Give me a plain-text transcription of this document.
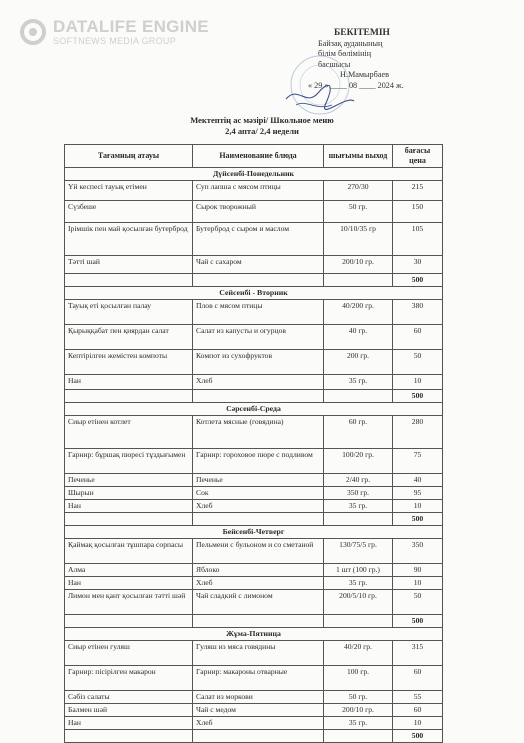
DATALIFE ENGINE
SOFTNEWS MEDIA GROUP
БЕКІТЕМІН
Байзақ ауданының
білім бөлімінің
басшысы
Н.Мамырбаев
« 29 » ____ 08 ____ 2024 ж.
Мектептің ас мәзірі/ Школьное меню
2,4 апта/ 2,4 недели
Тағамның атауы	Наименование блюда	шығымы выход	бағасы цена
Дүйсенбі-Понедельник			
Үй кеспесі тауық етімен	Суп лапша с мясом птицы	270/30	215
Сүзбеше	Сырок творожный	50 гр.	150
Ірімшік пен май қосылған бутерброд	Бутерброд с сыром и маслом	10/10/35 гр	105
Тәтті шай	Чай с сахаром	200/10 гр.	30
			500
Сейсенбі - Вторник			
Тауық еті қосылған палау	Плов с мясом птицы	40/200 гр.	380
Қырыққабат пен қиярдан салат	Салат из капусты и огурцов	40 гр.	60
Кептірілген жемістен компоты	Компот из сухофруктов	200 гр.	50
Нан	Хлеб	35 гр.	10
			500
Сәрсенбі-Среда			
Сиыр етінен котлет	Котлета мясные (говядина)	60 гр.	280
Гарнир: бұршақ пюресі тұздығымен	Гарнир: гороховое пюре с подливом	100/20 гр.	75
Печенье	Печенье	2/40 гр.	40
Шырын	Сок	350 гр.	95
Нан	Хлеб	35 гр.	10
			500
Бейсенбі-Четверг			
Қаймақ қосылған тұшпара сорпасы	Пельмени с бульоном и со сметаной	130/75/5 гр.	350
Алма	Яблоко	1 шт (100 гр.)	90
Нан	Хлеб	35 гр.	10
Лимон мен қант қосылған тәтті шәй	Чай сладкий с лимоном	200/5/10 гр.	50
			500
Жұма-Пятница			
Сиыр етінен гуляш	Гуляш из мяса говядины	40/20 гр.	315
Гарнир: пісірілген макарон	Гарнир: макароны отварные	100 гр.	60
Сәбіз салаты	Салат из моркови	50 гр.	55
Балмен шәй	Чай с медом	200/10 гр.	60
Нан	Хлеб	35 гр.	10
			500
